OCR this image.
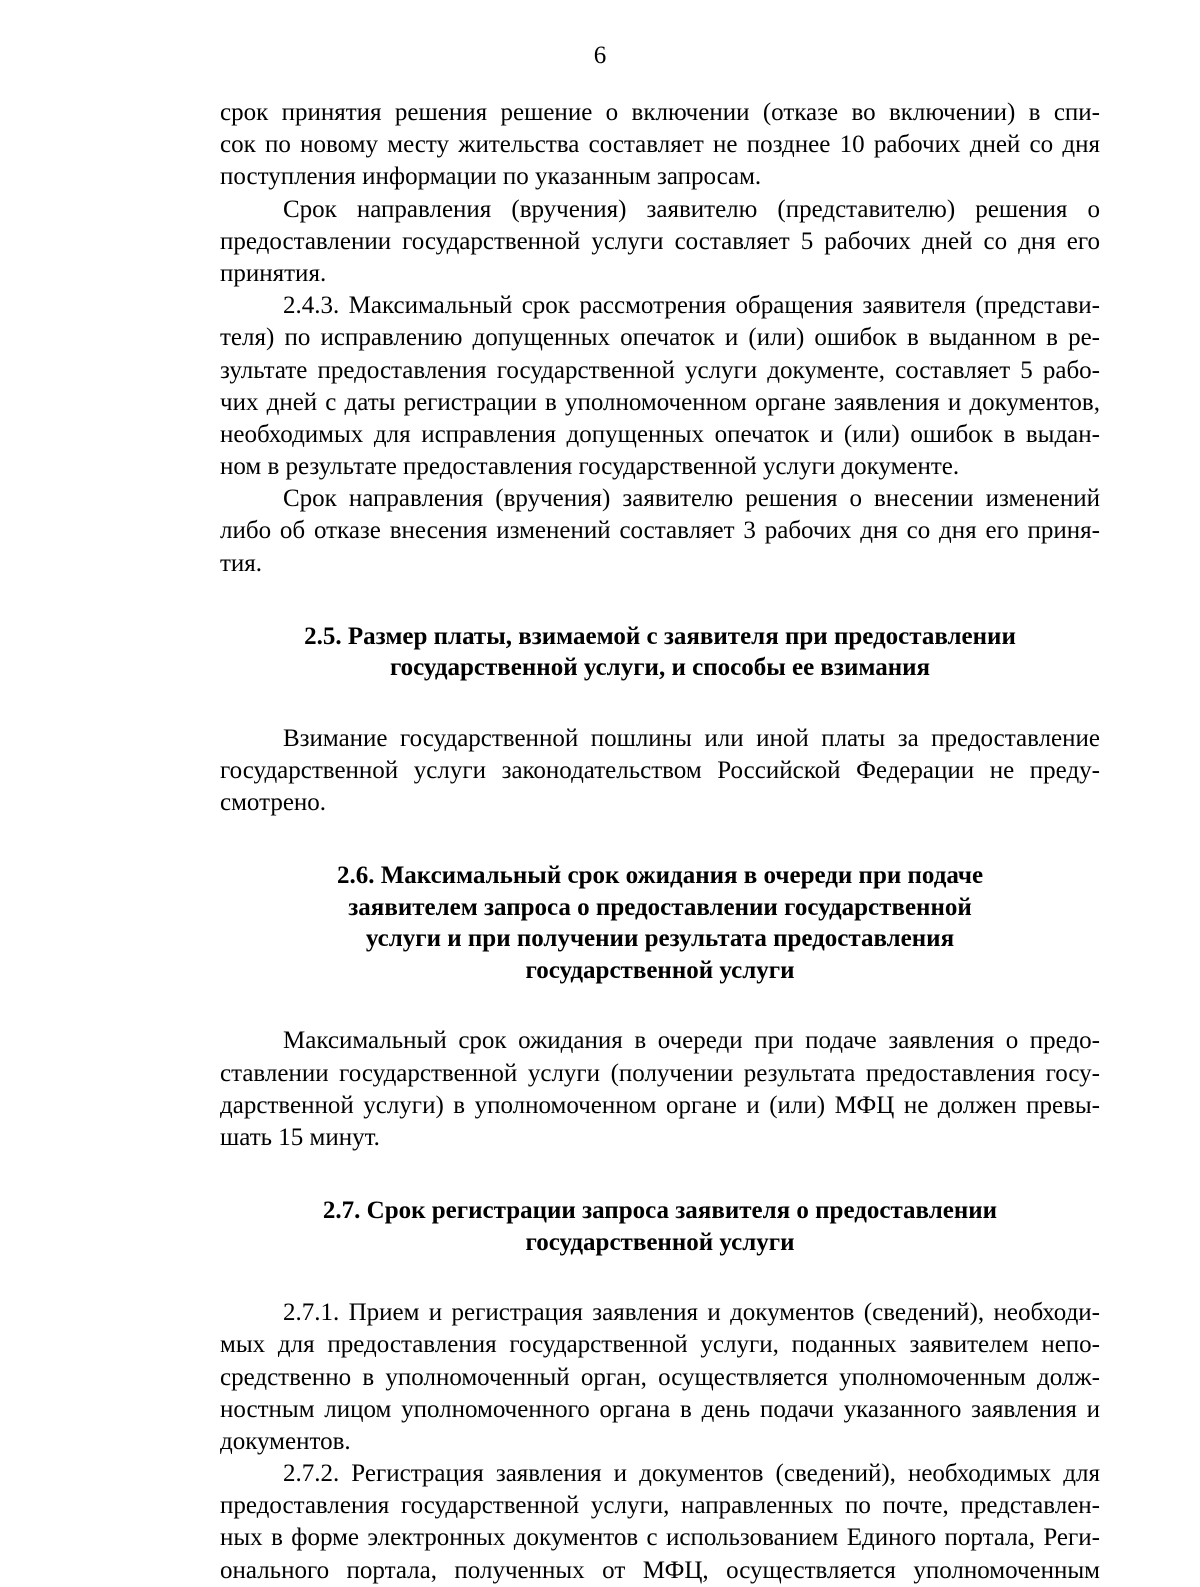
6
срок принятия решения решение о включении (отказе во включении) в спи-
сок по новому месту жительства составляет не позднее 10 рабочих дней со дня
поступления информации по указанным запросам.
Срок направления (вручения) заявителю (представителю) решения о
предоставлении государственной услуги составляет 5 рабочих дней со дня его
принятия.
2.4.3. Максимальный срок рассмотрения обращения заявителя (представи-
теля) по исправлению допущенных опечаток и (или) ошибок в выданном в ре-
зультате предоставления государственной услуги документе, составляет 5 рабо-
чих дней с даты регистрации в уполномоченном органе заявления и документов,
необходимых для исправления допущенных опечаток и (или) ошибок в выдан-
ном в результате предоставления государственной услуги документе.
Срок направления (вручения) заявителю решения о внесении изменений
либо об отказе внесения изменений составляет 3 рабочих дня со дня его приня-
тия.
2.5. Размер платы, взимаемой с заявителя при предоставлении
государственной услуги, и способы ее взимания
Взимание государственной пошлины или иной платы за предоставление
государственной услуги законодательством Российской Федерации не преду-
смотрено.
2.6. Максимальный срок ожидания в очереди при подаче
заявителем запроса о предоставлении государственной
услуги и при получении результата предоставления
государственной услуги
Максимальный срок ожидания в очереди при подаче заявления о предо-
ставлении государственной услуги (получении результата предоставления госу-
дарственной услуги) в уполномоченном органе и (или) МФЦ не должен превы-
шать 15 минут.
2.7. Срок регистрации запроса заявителя о предоставлении
государственной услуги
2.7.1. Прием и регистрация заявления и документов (сведений), необходи-
мых для предоставления государственной услуги, поданных заявителем непо-
средственно в уполномоченный орган, осуществляется уполномоченным долж-
ностным лицом уполномоченного органа в день подачи указанного заявления и
документов.
2.7.2. Регистрация заявления и документов (сведений), необходимых для
предоставления государственной услуги, направленных по почте, представлен-
ных в форме электронных документов с использованием Единого портала, Реги-
онального портала, полученных от МФЦ, осуществляется уполномоченным
